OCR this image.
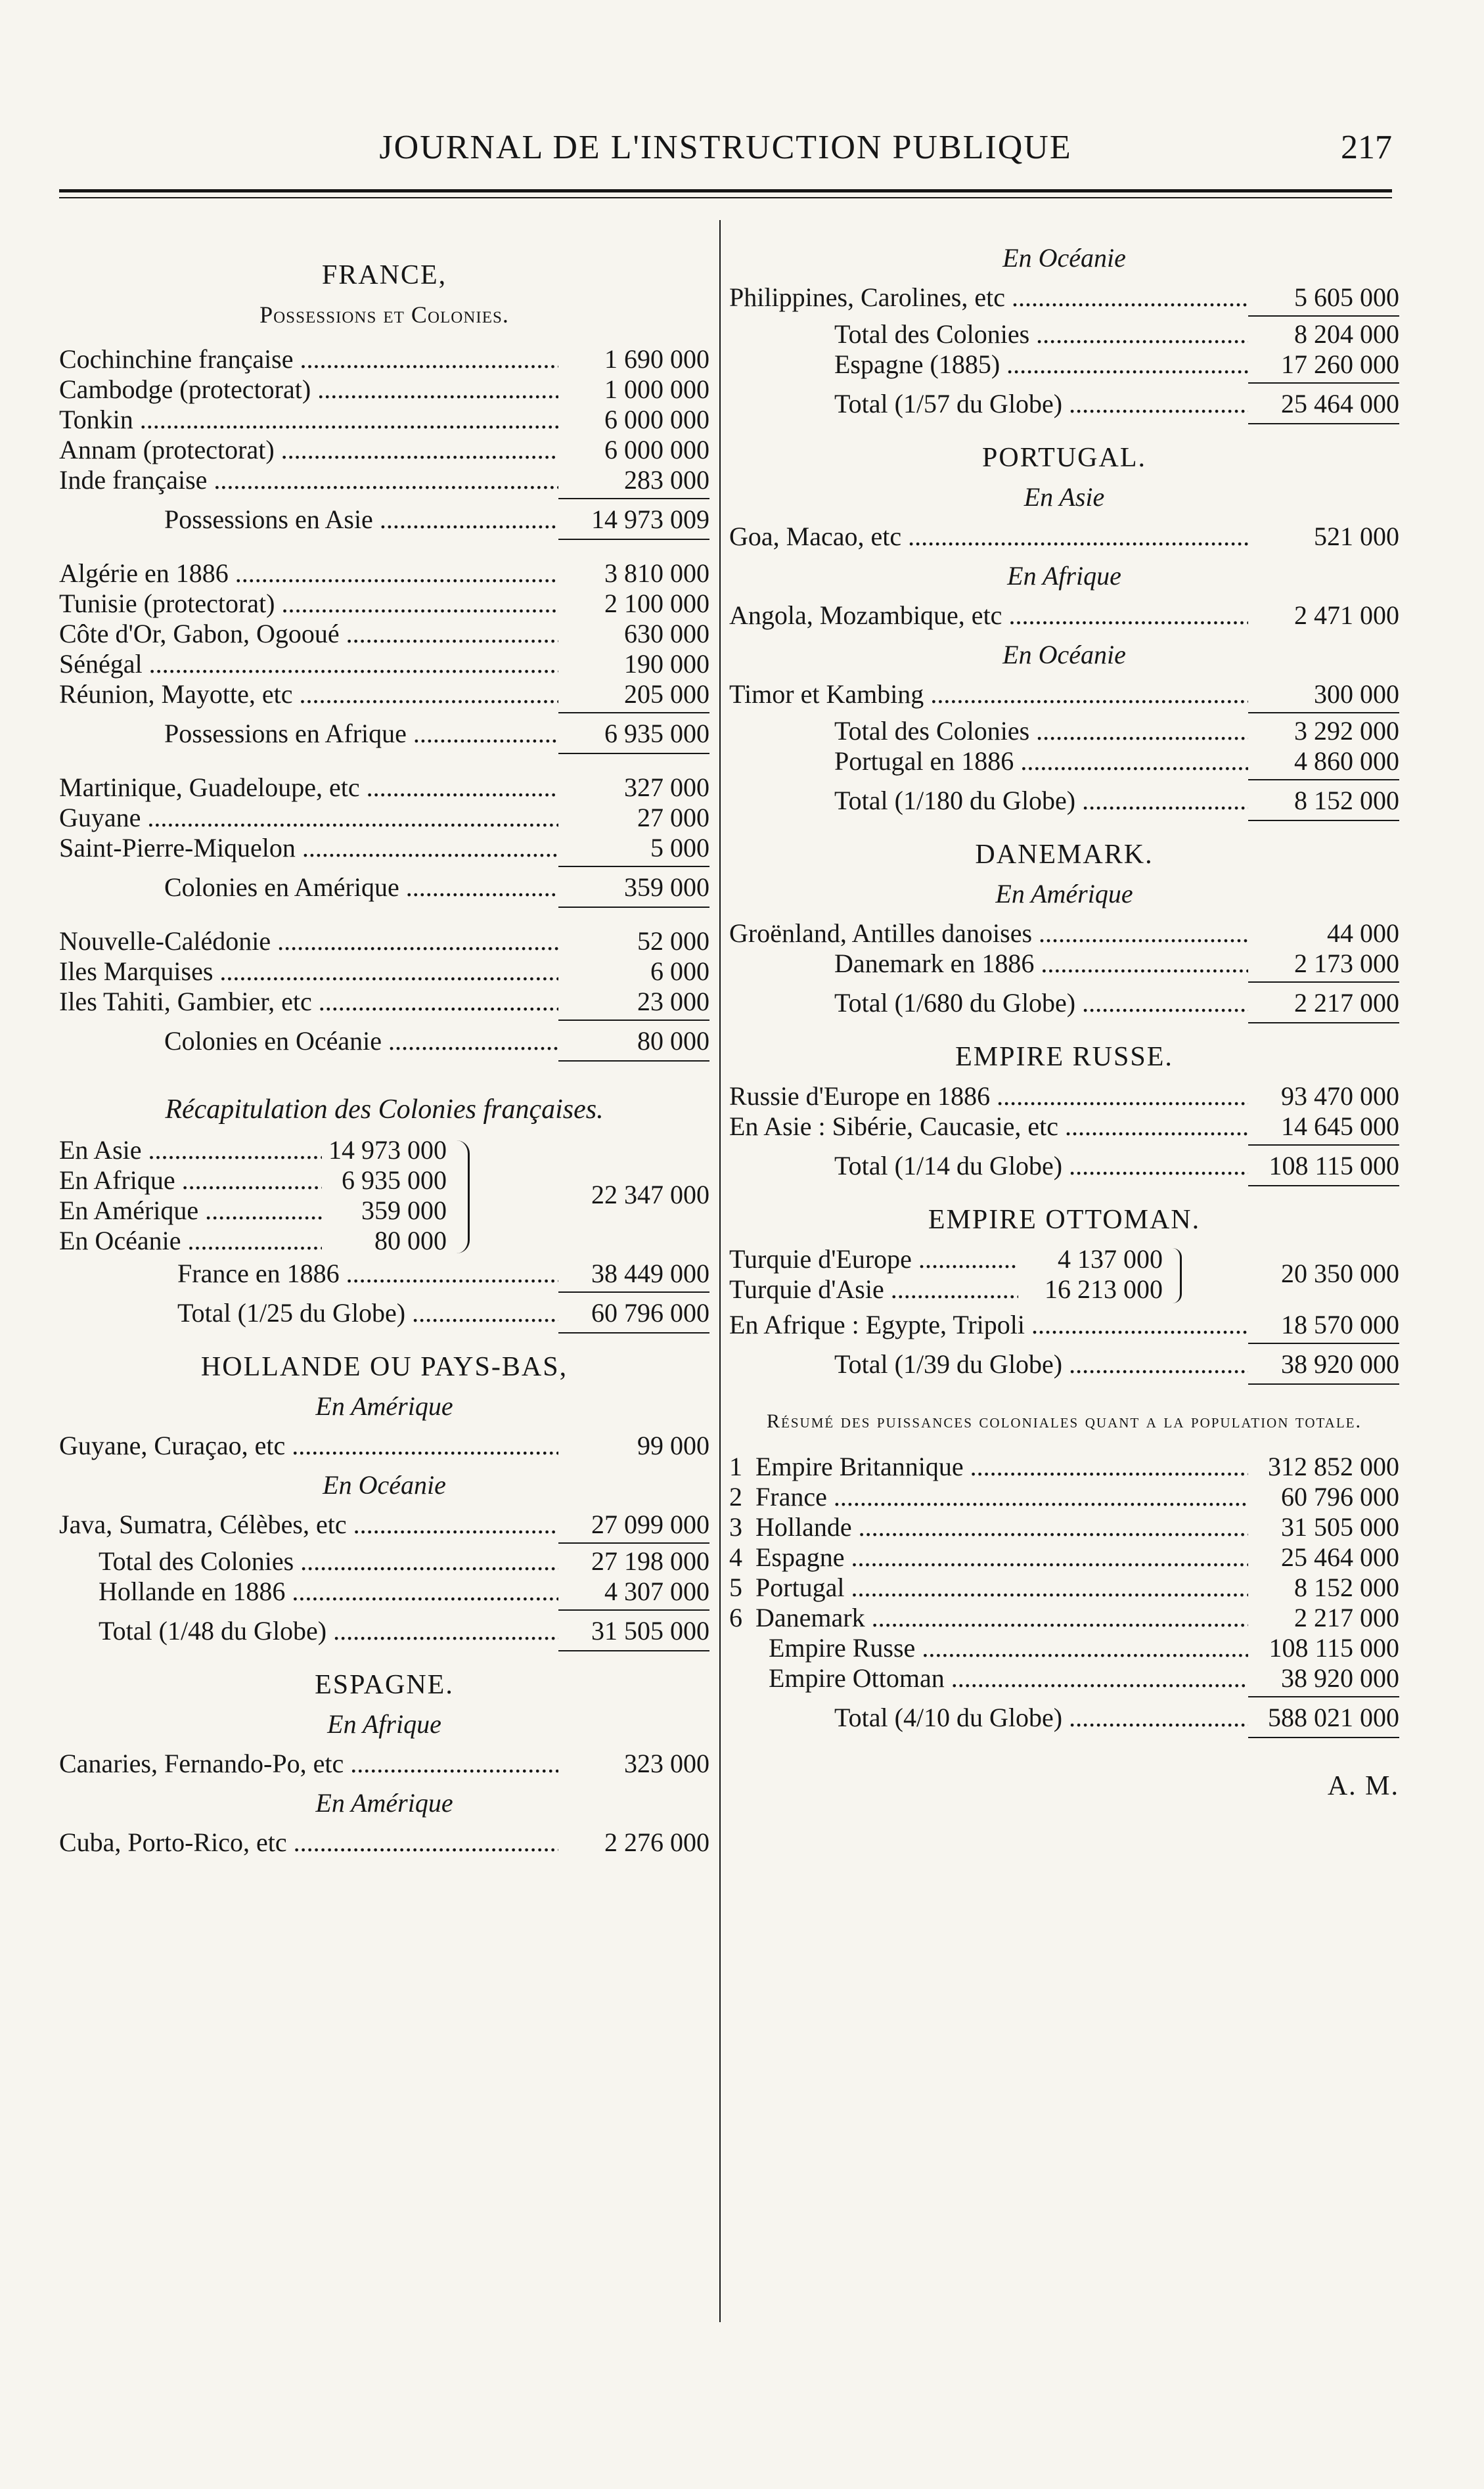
JOURNAL DE L'INSTRUCTION PUBLIQUE	217
FRANCE,
Possessions et Colonies.
Cochinchine française .....	1 690 000
Cambodge (protectorat) .....	1 000 000
Tonkin .....	6 000 000
Annam (protectorat) .....	6 000 000
Inde française .....	283 000
Possessions en Asie .....	14 973 009
Algérie en 1886 .....	3 810 000
Tunisie (protectorat) .....	2 100 000
Côte d'Or, Gabon, Ogooué .....	630 000
Sénégal .....	190 000
Réunion, Mayotte, etc .....	205 000
Possessions en Afrique .....	6 935 000
Martinique, Guadeloupe, etc .....	327 000
Guyane .....	27 000
Saint-Pierre-Miquelon .....	5 000
Colonies en Amérique .....	359 000
Nouvelle-Calédonie .....	52 000
Iles Marquises .....	6 000
Iles Tahiti, Gambier, etc .....	23 000
Colonies en Océanie .....	80 000
Récapitulation des Colonies françaises.
En Asie .....	14 973 000
En Afrique .....	6 935 000
En Amérique .....	359 000
En Océanie .....	80 000
22 347 000
France en 1886 .....	38 449 000
Total (1/25 du Globe) .....	60 796 000
HOLLANDE OU PAYS-BAS,
En Amérique
Guyane, Curaçao, etc .....	99 000
En Océanie
Java, Sumatra, Célèbes, etc .....	27 099 000
Total des Colonies .....	27 198 000
Hollande en 1886 .....	4 307 000
Total (1/48 du Globe) .....	31 505 000
ESPAGNE.
En Afrique
Canaries, Fernando-Po, etc .....	323 000
En Amérique
Cuba, Porto-Rico, etc .....	2 276 000
En Océanie
Philippines, Carolines, etc .....	5 605 000
Total des Colonies .....	8 204 000
Espagne (1885) .....	17 260 000
Total (1/57 du Globe) .....	25 464 000
PORTUGAL.
En Asie
Goa, Macao, etc .....	521 000
En Afrique
Angola, Mozambique, etc .....	2 471 000
En Océanie
Timor et Kambing .....	300 000
Total des Colonies .....	3 292 000
Portugal en 1886 .....	4 860 000
Total (1/180 du Globe) .....	8 152 000
DANEMARK.
En Amérique
Groënland, Antilles danoises .....	44 000
Danemark en 1886 .....	2 173 000
Total (1/680 du Globe) .....	2 217 000
EMPIRE RUSSE.
Russie d'Europe en 1886 .....	93 470 000
En Asie : Sibérie, Caucasie, etc .....	14 645 000
Total (1/14 du Globe) .....	108 115 000
EMPIRE OTTOMAN.
Turquie d'Europe .....	4 137 000
Turquie d'Asie .....	16 213 000
20 350 000
En Afrique : Egypte, Tripoli .....	18 570 000
Total (1/39 du Globe) .....	38 920 000
Résumé des puissances coloniales quant a la population totale.
1 Empire Britannique .....	312 852 000
2 France .....	60 796 000
3 Hollande .....	31 505 000
4 Espagne .....	25 464 000
5 Portugal .....	8 152 000
6 Danemark .....	2 217 000
Empire Russe .....	108 115 000
Empire Ottoman .....	38 920 000
Total (4/10 du Globe) .....	588 021 000
A. M.
